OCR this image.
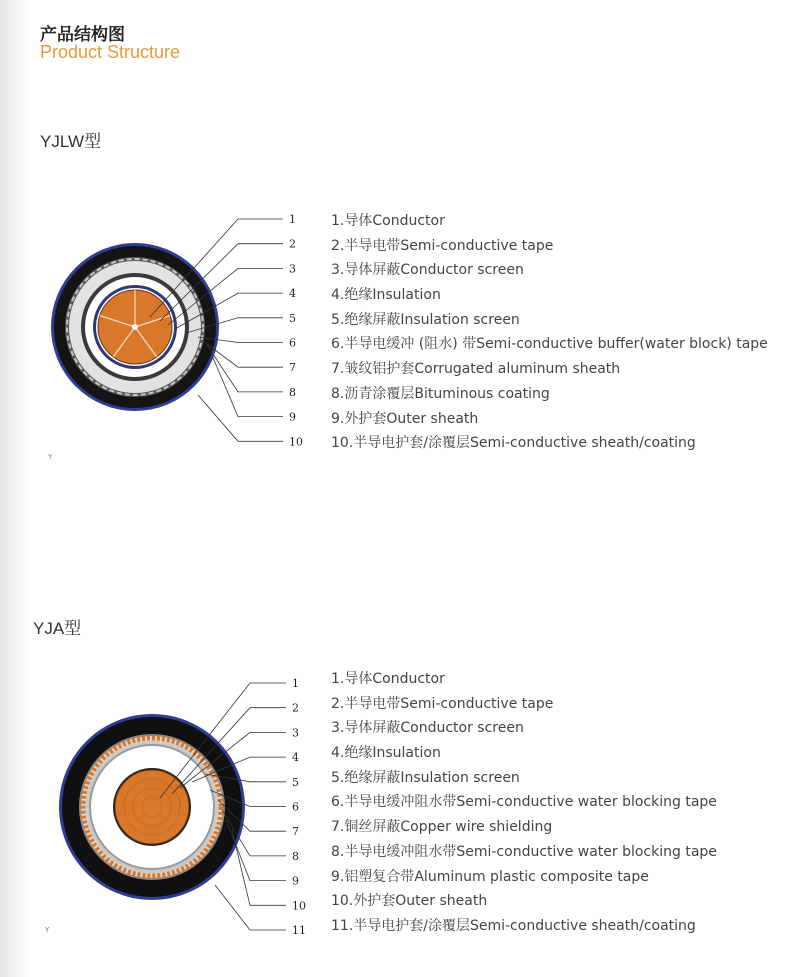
产品结构图
Product Structure
YJLW型
1
2
3
4
5
6
7
8
9
10
Y
1.导体Conductor
2.半导电带Semi-conductive tape
3.导体屏蔽Conductor screen
4.绝缘Insulation
5.绝缘屏蔽Insulation screen
6.半导电缓冲 (阻水) 带Semi-conductive buffer(water block) tape
7.皱纹铝护套Corrugated aluminum sheath
8.沥青涂覆层Bituminous coating
9.外护套Outer sheath
10.半导电护套/涂覆层Semi-conductive sheath/coating
YJA型
1
2
3
4
5
6
7
8
9
10
11
Y
1.导体Conductor
2.半导电带Semi-conductive tape
3.导体屏蔽Conductor screen
4.绝缘Insulation
5.绝缘屏蔽Insulation screen
6.半导电缓冲阻水带Semi-conductive water blocking tape
7.铜丝屏蔽Copper wire shielding
8.半导电缓冲阻水带Semi-conductive water blocking tape
9.铝塑复合带Aluminum plastic composite tape
10.外护套Outer sheath
11.半导电护套/涂覆层Semi-conductive sheath/coating
